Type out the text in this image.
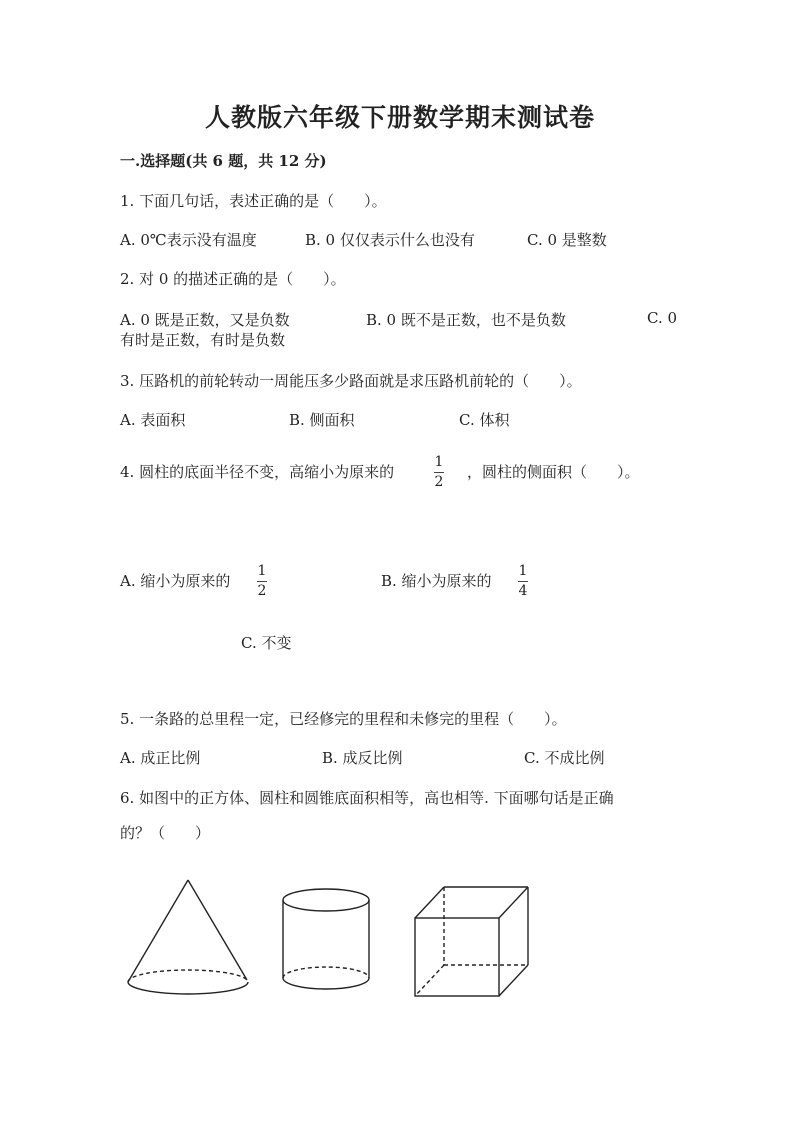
人教版六年级下册数学期末测试卷
一.选择题(共 6 题，共 12 分)
1. 下面几句话，表述正确的是（　　）。
A. 0℃表示没有温度	B. 0 仅仅表示什么也没有	C. 0 是整数
2. 对 0 的描述正确的是（　　）。
A. 0 既是正数，又是负数	B. 0 既不是正数，也不是负数	C. 0
有时是正数，有时是负数
3. 压路机的前轮转动一周能压多少路面就是求压路机前轮的（　　）。
A. 表面积	B. 侧面积	C. 体积
4. 圆柱的底面半径不变，高缩小为原来的
1
2
，圆柱的侧面积（　　）。
A. 缩小为原来的
1
2
B. 缩小为原来的
1
4
C. 不变
5. 一条路的总里程一定，已经修完的里程和未修完的里程（　　）。
A. 成正比例	B. 成反比例	C. 不成比例
6. 如图中的正方体、圆柱和圆锥底面积相等，高也相等. 下面哪句话是正确
的？（　　）
